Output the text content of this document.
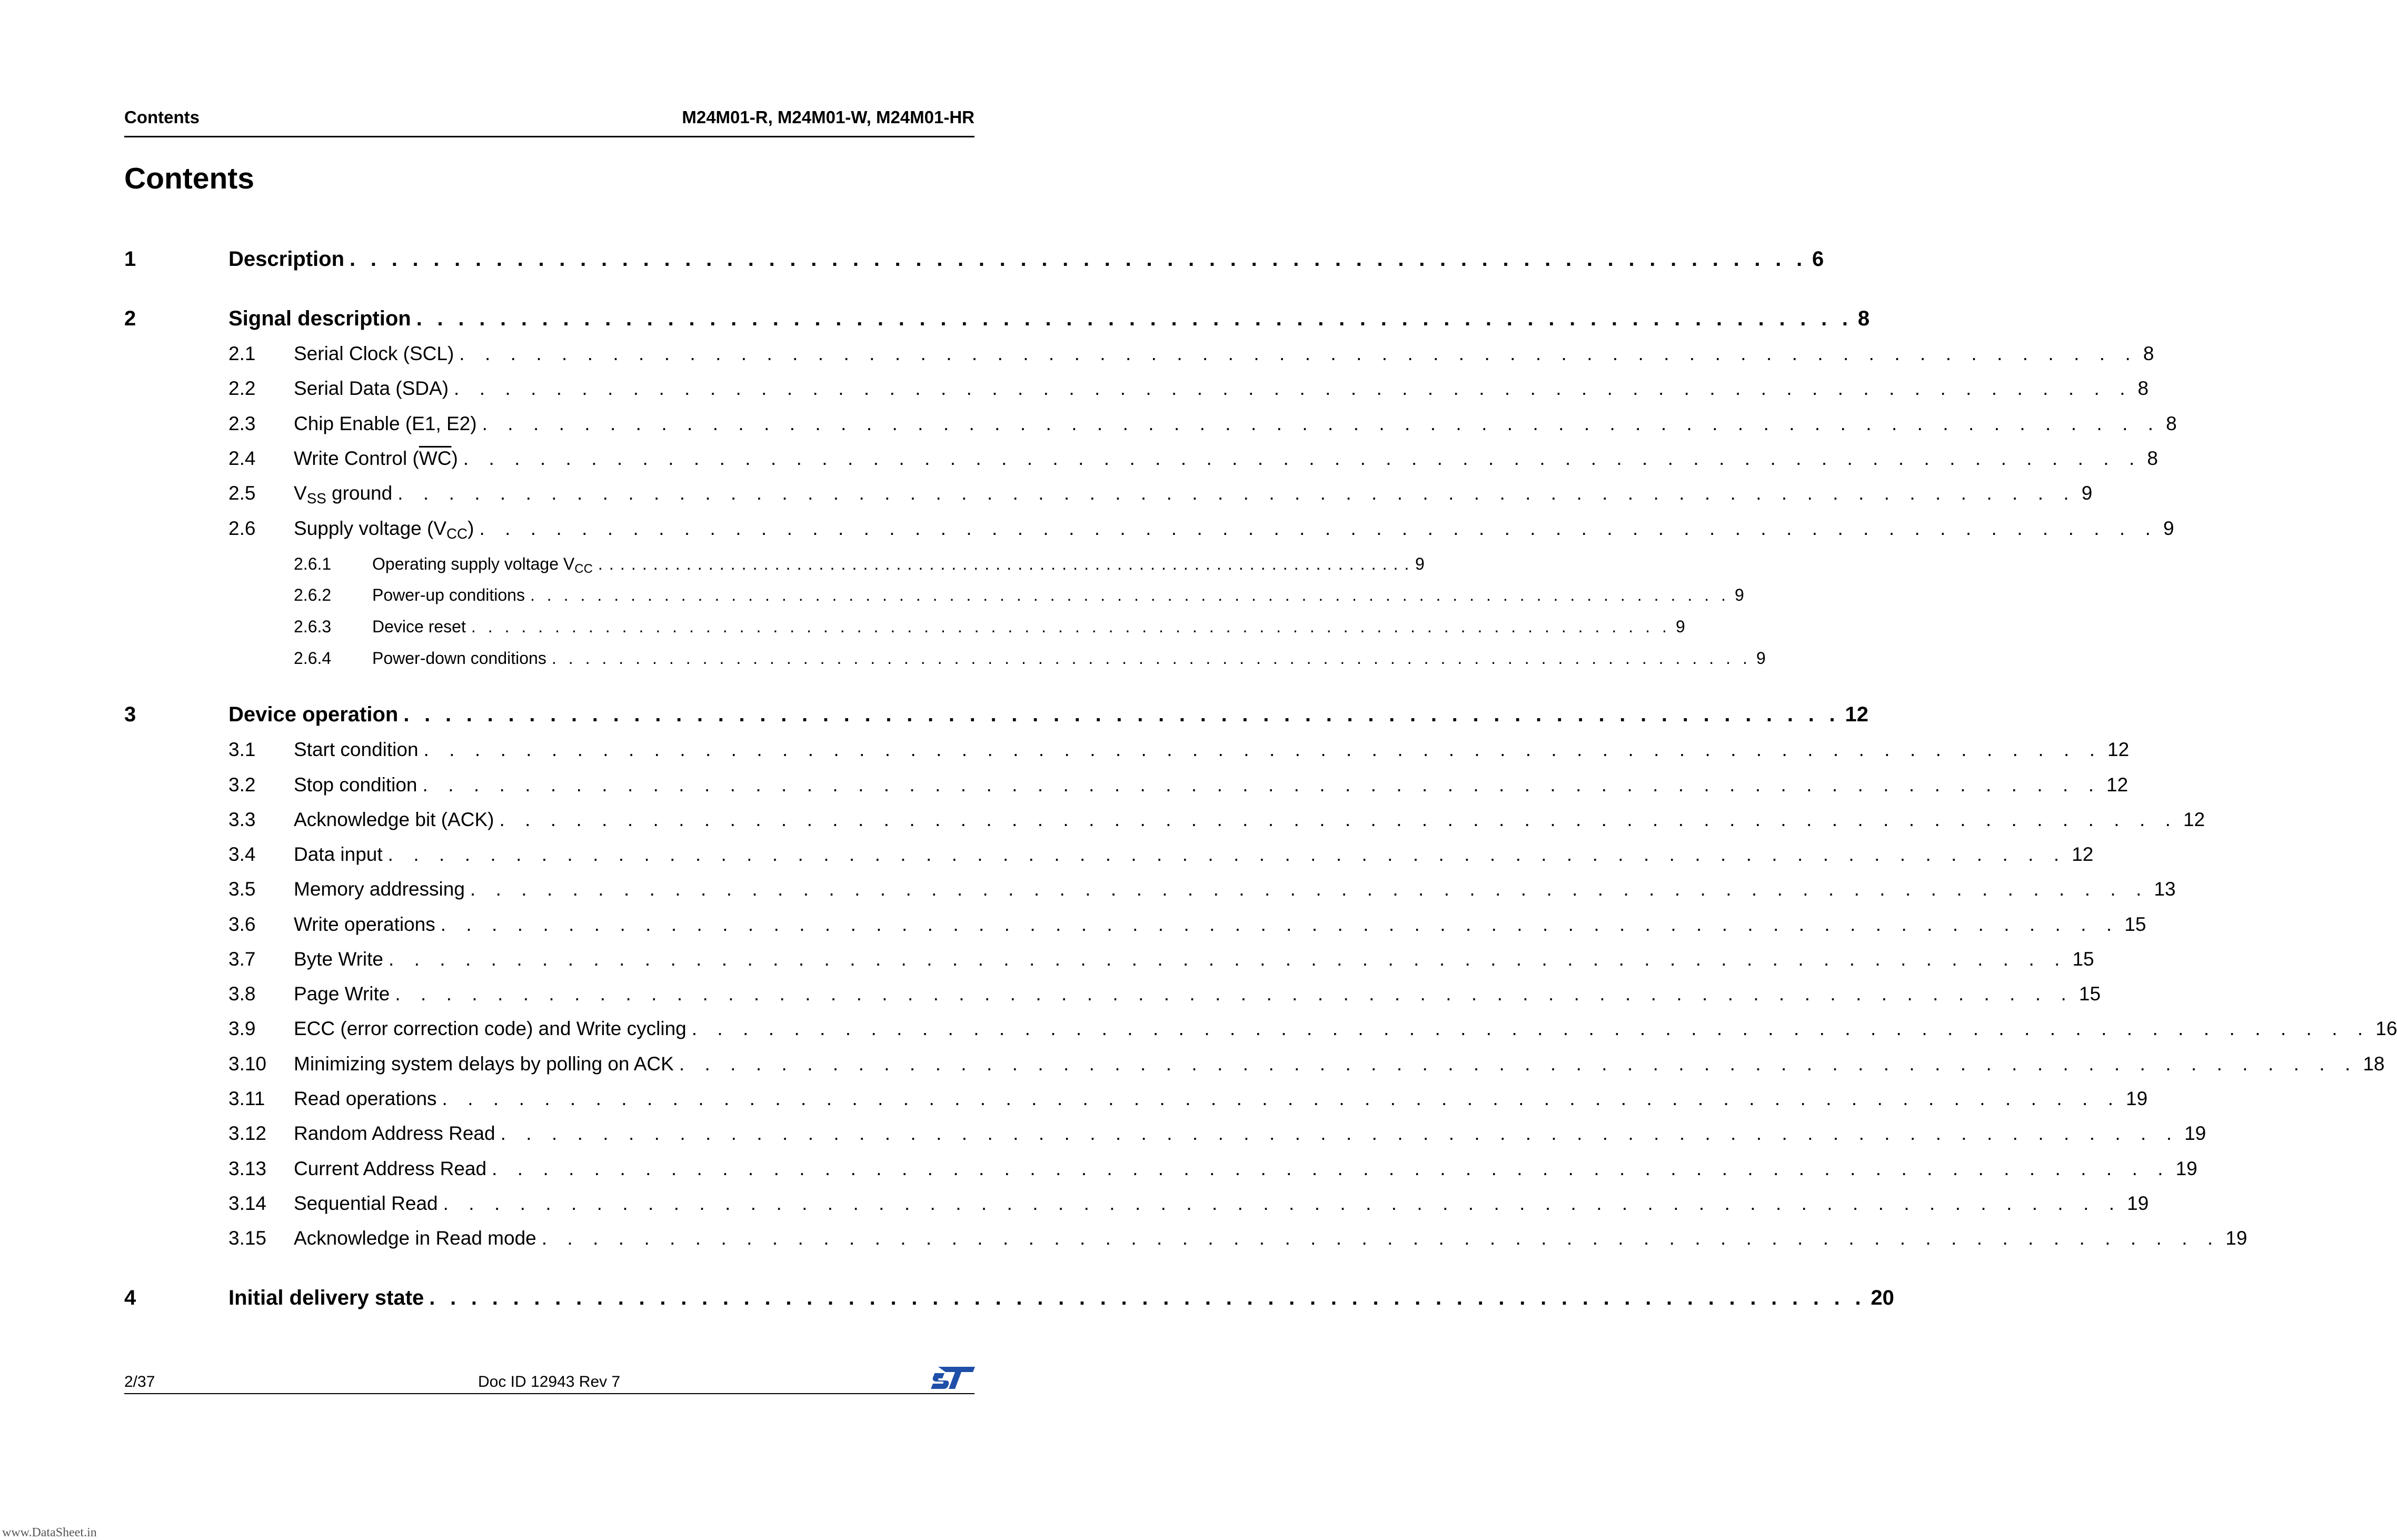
Contents	M24M01-R, M24M01-W, M24M01-HR
Contents
1	Description . . . . . . . . . . . . . . . . . . . . . . . . . . . . . . . . . . . . . . . . . . . . . . . . . . . . . . . . . . . . . . . . . . . . . . 6
2	Signal description . . . . . . . . . . . . . . . . . . . . . . . . . . . . . . . . . . . . . . . . . . . . . . . . . . . . . . . . . . . . . . . . . . . . . 8
2.1 Serial Clock (SCL) . . . . . . . . . . . . . . . . . . . . . . . . . . . . . . . . . . . . . . . . . . . . . . . . . . . . . . . . . . . . . . . . . . 8
2.2 Serial Data (SDA) . . . . . . . . . . . . . . . . . . . . . . . . . . . . . . . . . . . . . . . . . . . . . . . . . . . . . . . . . . . . . . . . . . 8
2.3 Chip Enable (E1, E2) . . . . . . . . . . . . . . . . . . . . . . . . . . . . . . . . . . . . . . . . . . . . . . . . . . . . . . . . . . . . . . . . . . 8
2.4 Write Control $(\overline{WC})$ . . . . . . . . . . . . . . . . . . . . . . . . . . . . . . . . . . . . . . . . . . . . . . . . . . . . . . . . . . . . . . . . . . 8
2.5 $V_{SS}$ ground . . . . . . . . . . . . . . . . . . . . . . . . . . . . . . . . . . . . . . . . . . . . . . . . . . . . . . . . . . . . . . . . . . 9
2.6 Supply voltage $(V_{CC})$ . . . . . . . . . . . . . . . . . . . . . . . . . . . . . . . . . . . . . . . . . . . . . . . . . . . . . . . . . . . . . . . . . . 9
2.6.1 Operating supply voltage $V_{CC}$ . . . . . . . . . . . . . . . . . . . . . . . . . . . . . . . . . . . . . . . . . . . . . . . . . . . . . . . . . . . . . . . . . . . . . . . . . . 9
2.6.2 Power-up conditions . . . . . . . . . . . . . . . . . . . . . . . . . . . . . . . . . . . . . . . . . . . . . . . . . . . . . . . . . . . . . . . . . . . . . . . . 9
2.6.3 Device reset . . . . . . . . . . . . . . . . . . . . . . . . . . . . . . . . . . . . . . . . . . . . . . . . . . . . . . . . . . . . . . . . . . . . . . . . 9
2.6.4 Power-down conditions . . . . . . . . . . . . . . . . . . . . . . . . . . . . . . . . . . . . . . . . . . . . . . . . . . . . . . . . . . . . . . . . . . . . . . . . 9
3	Device operation . . . . . . . . . . . . . . . . . . . . . . . . . . . . . . . . . . . . . . . . . . . . . . . . . . . . . . . . . . . . . . . . . . . . . 12
3.1 Start condition . . . . . . . . . . . . . . . . . . . . . . . . . . . . . . . . . . . . . . . . . . . . . . . . . . . . . . . . . . . . . . . . . . 12
3.2 Stop condition . . . . . . . . . . . . . . . . . . . . . . . . . . . . . . . . . . . . . . . . . . . . . . . . . . . . . . . . . . . . . . . . . . 12
3.3 Acknowledge bit (ACK) . . . . . . . . . . . . . . . . . . . . . . . . . . . . . . . . . . . . . . . . . . . . . . . . . . . . . . . . . . . . . . . . . . 12
3.4 Data input . . . . . . . . . . . . . . . . . . . . . . . . . . . . . . . . . . . . . . . . . . . . . . . . . . . . . . . . . . . . . . . . . . 12
3.5 Memory addressing . . . . . . . . . . . . . . . . . . . . . . . . . . . . . . . . . . . . . . . . . . . . . . . . . . . . . . . . . . . . . . . . . . 13
3.6 Write operations . . . . . . . . . . . . . . . . . . . . . . . . . . . . . . . . . . . . . . . . . . . . . . . . . . . . . . . . . . . . . . . . . . 15
3.7 Byte Write . . . . . . . . . . . . . . . . . . . . . . . . . . . . . . . . . . . . . . . . . . . . . . . . . . . . . . . . . . . . . . . . . . 15
3.8 Page Write . . . . . . . . . . . . . . . . . . . . . . . . . . . . . . . . . . . . . . . . . . . . . . . . . . . . . . . . . . . . . . . . . . 15
3.9 ECC (error correction code) and Write cycling . . . . . . . . . . . . . . . . . . . . . . . . . . . . . . . . . . . . . . . . . . . . . . . . . . . . . . . . . . . . . . . . . . 16
3.10 Minimizing system delays by polling on ACK . . . . . . . . . . . . . . . . . . . . . . . . . . . . . . . . . . . . . . . . . . . . . . . . . . . . . . . . . . . . . . . . . . 18
3.11 Read operations . . . . . . . . . . . . . . . . . . . . . . . . . . . . . . . . . . . . . . . . . . . . . . . . . . . . . . . . . . . . . . . . . . 19
3.12 Random Address Read . . . . . . . . . . . . . . . . . . . . . . . . . . . . . . . . . . . . . . . . . . . . . . . . . . . . . . . . . . . . . . . . . . 19
3.13 Current Address Read . . . . . . . . . . . . . . . . . . . . . . . . . . . . . . . . . . . . . . . . . . . . . . . . . . . . . . . . . . . . . . . . . . 19
3.14 Sequential Read . . . . . . . . . . . . . . . . . . . . . . . . . . . . . . . . . . . . . . . . . . . . . . . . . . . . . . . . . . . . . . . . . . 19
3.15 Acknowledge in Read mode . . . . . . . . . . . . . . . . . . . . . . . . . . . . . . . . . . . . . . . . . . . . . . . . . . . . . . . . . . . . . . . . . . 19
4	Initial delivery state . . . . . . . . . . . . . . . . . . . . . . . . . . . . . . . . . . . . . . . . . . . . . . . . . . . . . . . . . . . . . . . . . . . . . 20
2/37	Doc ID 12943 Rev 7
www.DataSheet.in
